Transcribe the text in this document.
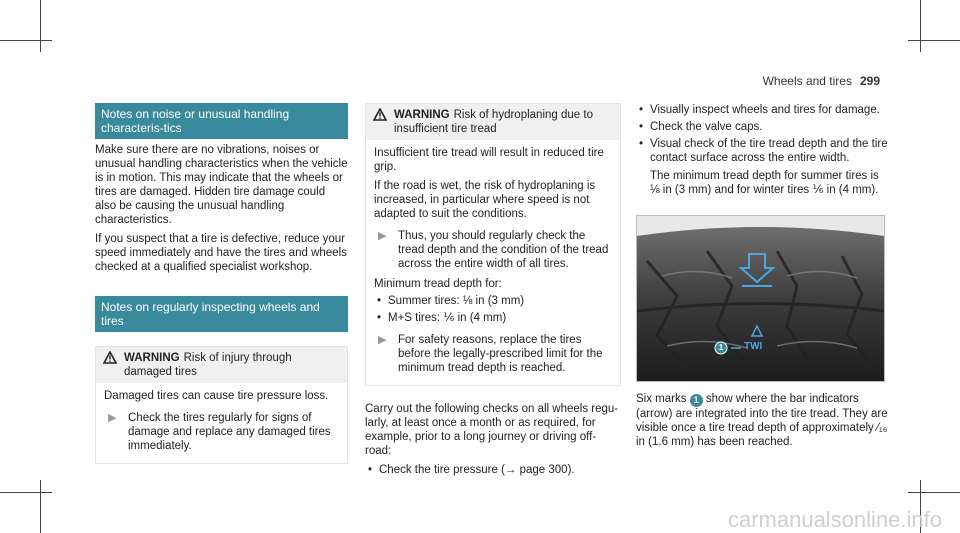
Wheels and tires 299
Notes on noise or unusual handling characteris‐tics

Make sure there are no vibrations, noises or unusual handling characteristics when the vehicle is in motion. This may indicate that the wheels or tires are damaged. Hidden tire damage could also be causing the unusual handling characteristics.

If you suspect that a tire is defective, reduce your speed immediately and have the tires and wheels checked at a qualified specialist workshop.

Notes on regularly inspecting wheels and tires
WARNING Risk of injury through damaged tires
Damaged tires can cause tire pressure loss.
▶	Check the tires regularly for signs of damage and replace any damaged tires immediately.
WARNING Risk of hydroplaning due to insufficient tire tread

Insufficient tire tread will result in reduced tire grip.

If the road is wet, the risk of hydroplaning is increased, in particular where speed is not adapted to suit the conditions.

▶	Thus, you should regularly check the tread depth and the condition of the tread across the entire width of all tires.
Minimum tread depth for:
• Summer tires: ⅛ in (3 mm)
• M+S tires: ⅙ in (4 mm)
▶	For safety reasons, replace the tires before the legally-prescribed limit for the minimum tread depth is reached.

Carry out the following checks on all wheels regu‐ larly, at least once a month or as required, for example, prior to a long journey or driving off- road:

• Check the tire pressure (→ page 300).
• Visually inspect wheels and tires for damage.
• Check the valve caps.
• Visual check of the tire tread depth and the tire contact surface across the entire width.
The minimum tread depth for summer tires is ⅛ in (3 mm) and for winter tires ⅙ in (4 mm).
1	TWI
Six marks 1 show where the bar indicators (arrow) are integrated into the tire tread. They are visible once a tire tread depth of approximately ⁄₁₆ in (1.6 mm) has been reached.
carmanualsonline.info
